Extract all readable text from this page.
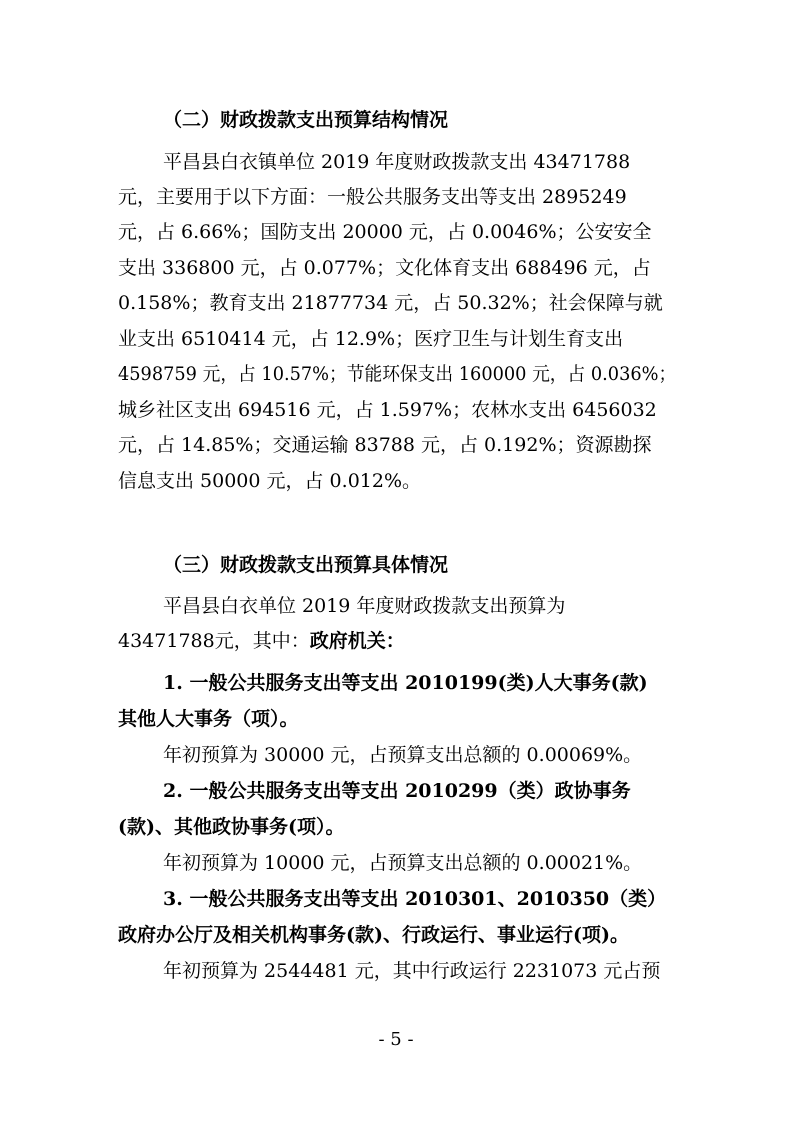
（二）财政拨款支出预算结构情况
平昌县白衣镇单位 2019 年度财政拨款支出 43471788
元，主要用于以下方面：一般公共服务支出等支出 2895249
元，占 6.66%；国防支出 20000 元，占 0.0046%；公安安全
支出 336800 元，占 0.077%；文化体育支出 688496 元，占
0.158%；教育支出 21877734 元，占 50.32%；社会保障与就
业支出 6510414 元，占 12.9%；医疗卫生与计划生育支出
4598759 元，占 10.57%；节能环保支出 160000 元，占 0.036%；
城乡社区支出 694516 元，占 1.597%；农林水支出 6456032
元，占 14.85%；交通运输 83788 元，占 0.192%；资源勘探
信息支出 50000 元，占 0.012%。
（三）财政拨款支出预算具体情况
平昌县白衣单位 2019 年度财政拨款支出预算为
43471788元，其中：政府机关：
1. 一般公共服务支出等支出 2010199(类)人大事务(款)
其他人大事务（项）。
年初预算为 30000 元，占预算支出总额的 0.00069%。
2. 一般公共服务支出等支出 2010299（类）政协事务
(款)、其他政协事务(项）。
年初预算为 10000 元，占预算支出总额的 0.00021%。
3. 一般公共服务支出等支出 2010301、2010350（类）
政府办公厅及相关机构事务(款)、行政运行、事业运行(项)。
年初预算为 2544481 元，其中行政运行 2231073 元占预
- 5 -
